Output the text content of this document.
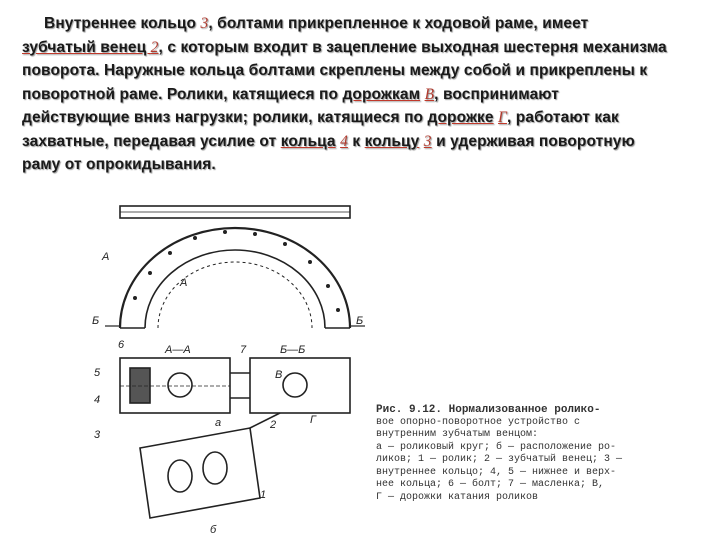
Внутреннее кольцо 3, болтами прикрепленное к ходовой раме, имеет
зубчатый венец 2, с которым входит в зацепление выходная шестерня механизма
поворота. Наружные кольца болтами скреплены между собой и прикреплены к
поворотной раме. Ролики, катящиеся по дорожкам В, воспринимают
действующие вниз нагрузки; ролики, катящиеся по дорожке Г, работают как
захватные, передавая усилие от кольца 4 к кольцу 3 и удерживая поворотную
раму от опрокидывания.
А
А
Б	Б
А—А	Б—Б
6
5
4
3
1
7
2
а
б
В
Г
Рис. 9.12. Нормализованное ролико-
вое опорно-поворотное устройство с
внутренним зубчатым венцом:
а — роликовый круг; б — расположение ро-
ликов; 1 — ролик; 2 — зубчатый венец; 3 —
внутреннее кольцо; 4, 5 — нижнее и верх-
нее кольца; 6 — болт; 7 — масленка; В,
Г — дорожки катания роликов
